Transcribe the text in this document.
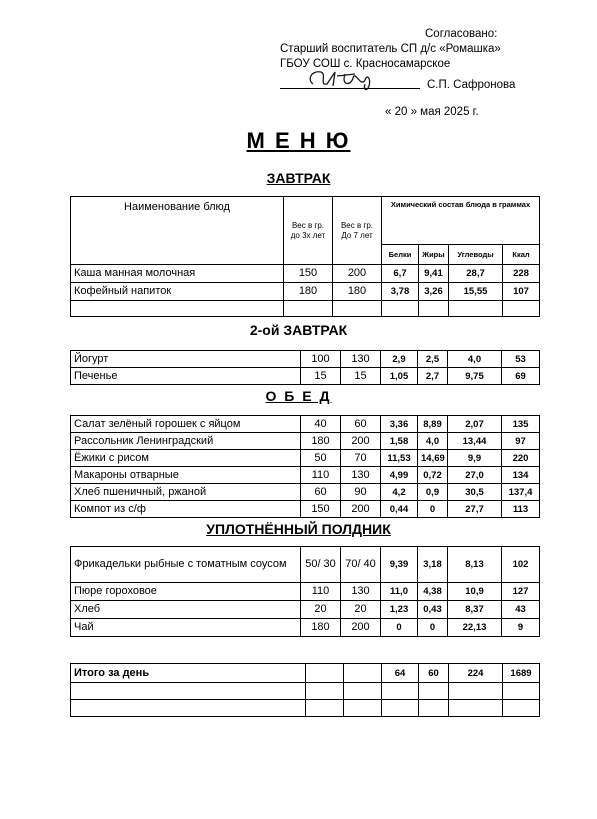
Согласовано:
Старший воспитатель СП д/с «Ромашка»
ГБОУ СОШ с. Красносамарское
С.П. Сафронова
« 20 » мая 2025 г.
М Е Н Ю
ЗАВТРАК
Наименование блюд	Вес в гр. до 3х лет	Вес в гр. До 7 лет	Химический состав блюда в граммах			
			Белки	Жиры	Углеводы	Ккал
Каша манная молочная	150	200	6,7	9,41	28,7	228
Кофейный напиток	180	180	3,78	3,26	15,55	107

2-ой ЗАВТРАК
Йогурт	100	130	2,9	2,5	4,0	53
Печенье	15	15	1,05	2,7	9,75	69
О Б Е Д
Салат зелёный горошек с яйцом	40	60	3,36	8,89	2,07	135
Рассольник Ленинградский	180	200	1,58	4,0	13,44	97
Ёжики с рисом	50	70	11,53	14,69	9,9	220
Макароны отварные	110	130	4,99	0,72	27,0	134
Хлеб пшеничный, ржаной	60	90	4,2	0,9	30,5	137,4
Компот из с/ф	150	200	0,44	0	27,7	113
УПЛОТНЁННЫЙ ПОЛДНИК
Фрикадельки рыбные с томатным соусом	50/ 30	70/ 40	9,39	3,18	8,13	102
Пюре гороховое	110	130	11,0	4,38	10,9	127
Хлеб	20	20	1,23	0,43	8,37	43
Чай	180	200	0	0	22,13	9
Итого за день			64	60	224	1689
